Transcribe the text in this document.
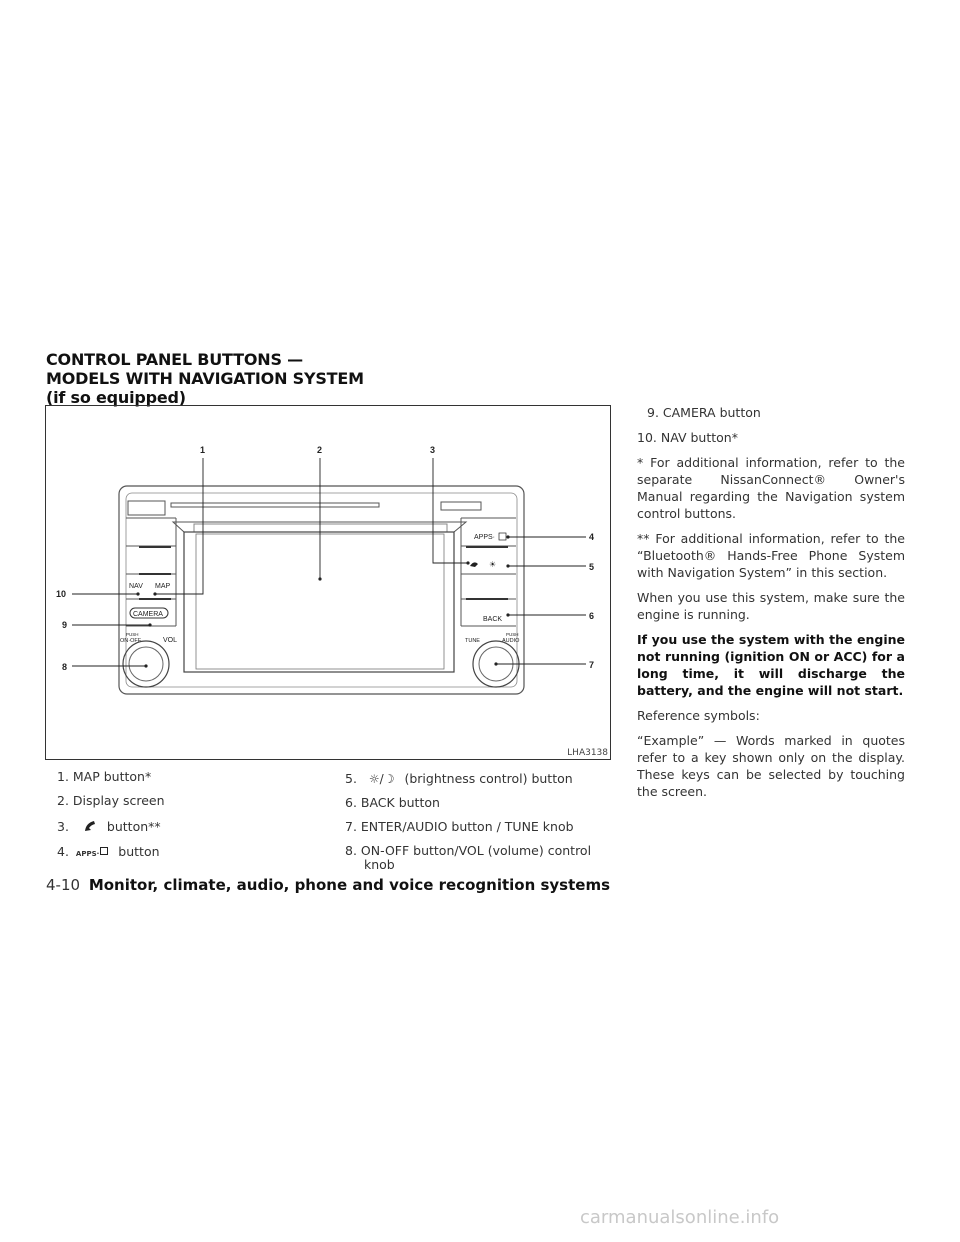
CONTROL PANEL BUTTONS —
MODELS WITH NAVIGATION SYSTEM
(if so equipped)
NAV MAP
CAMERA
PUSH
ON·OFF	VOL
APPS·
☀
BACK
TUNE
PUSH
AUDIO
1	2	3
4
5
6
7
8
9
10
LHA3138
1. MAP button*
2. Display screen
3.	button**
4. APPS· button
5. ☼/☽ (brightness control) button
6. BACK button
7. ENTER/AUDIO button / TUNE knob
8. ON-OFF button/VOL (volume) control
knob

9. CAMERA button

10. NAV button*

* For additional information, refer to the separate NissanConnect® Owner's Manual regarding the Navigation system control buttons.

** For additional information, refer to the “Bluetooth® Hands-Free Phone System with Navigation System” in this section.

When you use this system, make sure the engine is running.

If you use the system with the engine not running (ignition ON or ACC) for a long time, it will discharge the battery, and the engine will not start.

Reference symbols:

“Example” — Words marked in quotes refer to a key shown only on the display. These keys can be selected by touching the screen.

4-10 Monitor, climate, audio, phone and voice recognition systems
carmanualsonline.info
